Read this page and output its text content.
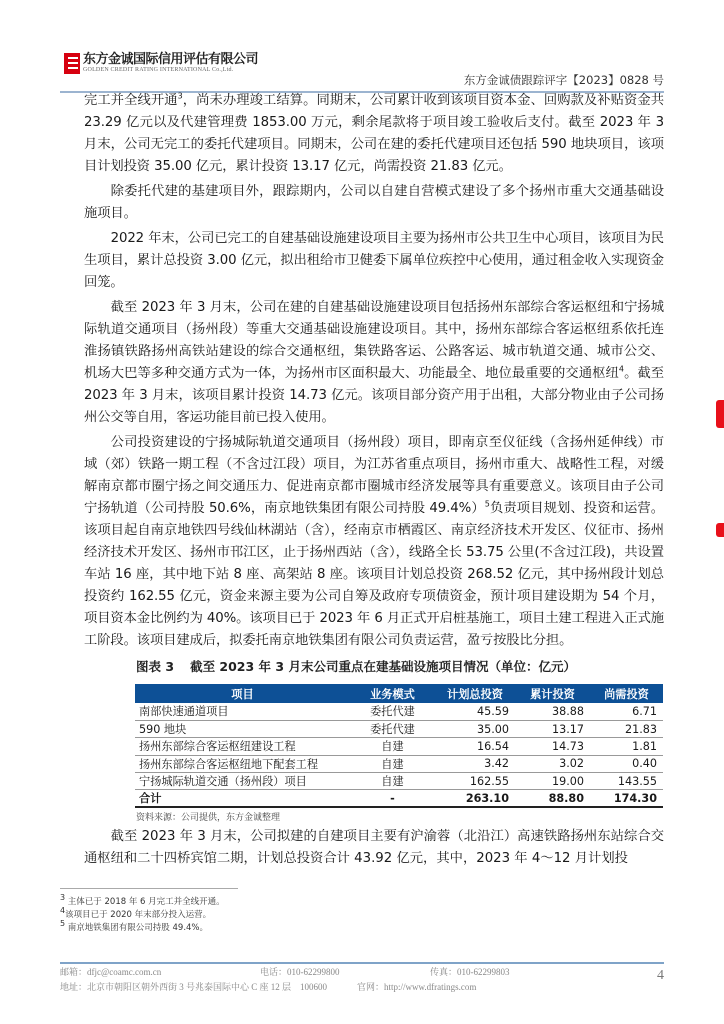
东方金诚国际信用评估有限公司
GOLDEN CREDIT RATING INTERNATIONAL Co.,Ltd.
东方金诚债跟踪评字【2023】0828 号

完工并全线开通$^3$，尚未办理竣工结算。同期末，公司累计收到该项目资本金、回购款及补贴资金共 23.29 亿元以及代建管理费 1853.00 万元，剩余尾款将于项目竣工验收后支付。截至 2023 年 3 月末，公司无完工的委托代建项目。同期末，公司在建的委托代建项目还包括 590 地块项目，该项目计划投资 35.00 亿元，累计投资 13.17 亿元，尚需投资 21.83 亿元。

除委托代建的基建项目外，跟踪期内，公司以自建自营模式建设了多个扬州市重大交通基础设施项目。

2022 年末，公司已完工的自建基础设施建设项目主要为扬州市公共卫生中心项目，该项目为民生项目，累计总投资 3.00 亿元，拟出租给市卫健委下属单位疾控中心使用，通过租金收入实现资金回笼。

截至 2023 年 3 月末，公司在建的自建基础设施建设项目包括扬州东部综合客运枢纽和宁扬城际轨道交通项目（扬州段）等重大交通基础设施建设项目。其中，扬州东部综合客运枢纽系依托连淮扬镇铁路扬州高铁站建设的综合交通枢纽，集铁路客运、公路客运、城市轨道交通、城市公交、机场大巴等多种交通方式为一体，为扬州市区面积最大、功能最全、地位最重要的交通枢纽$^4$。截至 2023 年 3 月末，该项目累计投资 14.73 亿元。该项目部分资产用于出租，大部分物业由子公司扬州公交等自用，客运功能目前已投入使用。

公司投资建设的宁扬城际轨道交通项目（扬州段）项目，即南京至仪征线（含扬州延伸线）市域（郊）铁路一期工程（不含过江段）项目，为江苏省重点项目，扬州市重大、战略性工程，对缓解南京都市圈宁扬之间交通压力、促进南京都市圈城市经济发展等具有重要意义。该项目由子公司宁扬轨道（公司持股 50.6%，南京地铁集团有限公司持股 49.4%）$^5$负责项目规划、投资和运营。该项目起自南京地铁四号线仙林湖站（含），经南京市栖霞区、南京经济技术开发区、仪征市、扬州经济技术开发区、扬州市邗江区，止于扬州西站（含），线路全长 53.75 公里(不含过江段)，共设置车站 16 座，其中地下站 8 座、高架站 8 座。该项目计划总投资 268.52 亿元，其中扬州段计划总投资约 162.55 亿元，资金来源主要为公司自筹及政府专项债资金，预计项目建设期为 54 个月，项目资本金比例约为 40%。该项目已于 2023 年 6 月正式开启桩基施工，项目土建工程进入正式施工阶段。该项目建成后，拟委托南京地铁集团有限公司负责运营，盈亏按股比分担。

图表 3 截至 2023 年 3 月末公司重点在建基础设施项目情况（单位：亿元）
项目	业务模式	计划总投资	累计投资	尚需投资
南部快速通道项目	委托代建	45.59	38.88	6.71
590 地块	委托代建	35.00	13.17	21.83
扬州东部综合客运枢纽建设工程	自建	16.54	14.73	1.81
扬州东部综合客运枢纽地下配套工程	自建	3.42	3.02	0.40
宁扬城际轨道交通（扬州段）项目	自建	162.55	19.00	143.55
合计	-	263.10	88.80	174.30
资料来源：公司提供，东方金诚整理

截至 2023 年 3 月末，公司拟建的自建项目主要有沪渝蓉（北沿江）高速铁路扬州东站综合交通枢纽和二十四桥宾馆二期，计划总投资合计 43.92 亿元，其中，2023 年 4～12 月计划投

$^3$ 主体已于 2018 年 6 月完工并全线开通。
$^4$该项目已于 2020 年末部分投入运营。
$^5$ 南京地铁集团有限公司持股 49.4%。
邮箱：dfjc@coamc.com.cn	电话：010-62299800	传真：010-62299803
地址：北京市朝阳区朝外西街 3 号兆泰国际中心 C 座 12 层　100600	官网：http://www.dfratings.com
4
